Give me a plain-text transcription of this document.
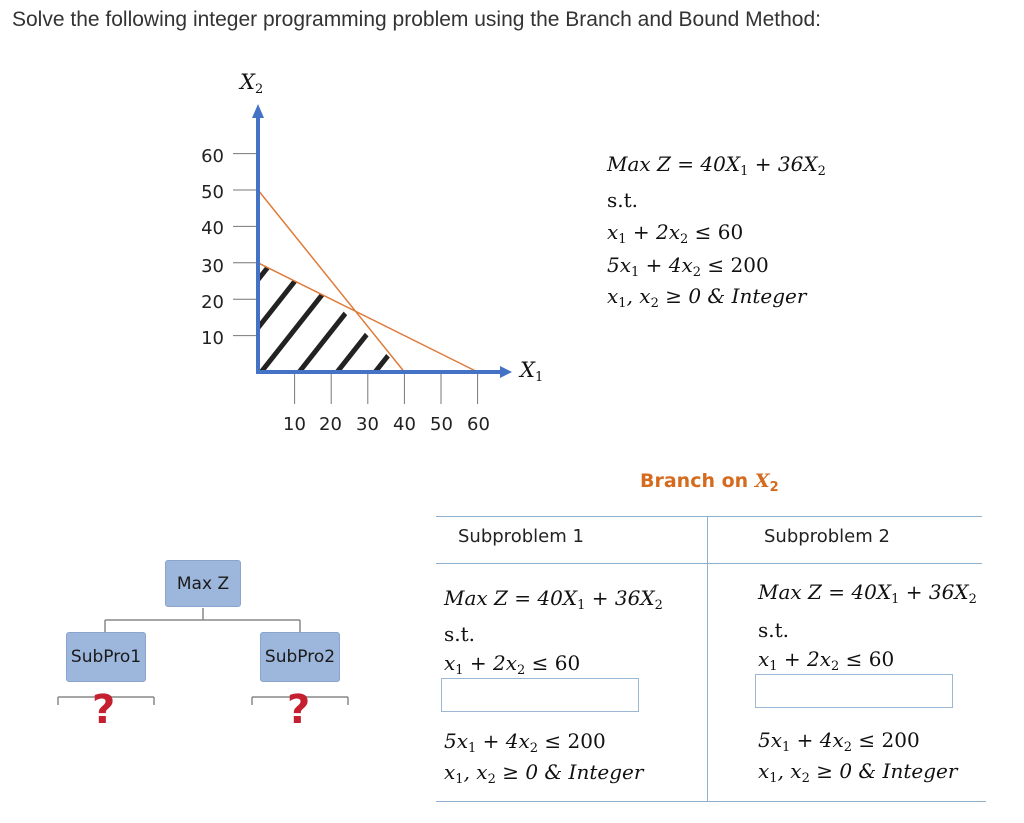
Solve the following integer programming problem using the Branch and Bound Method:
$X_2$
$X_1$
60
50
40
30
20
10
10 20 30 40 50 60
Max $Z = 40X_1 + 36X_2$
s.t.
$x_1 + 2x_2 \le 60$
$5x_1 + 4x_2 \le 200$
$x_1$, $x_2 \ge 0$ & Integer
Branch on $X_2$
Subproblem 1
Max $Z = 40X_1 + 36X_2$
s.t.
$x_1 + 2x_2 \le 60$
$5x_1 + 4x_2 \le 200$
$x_1$, $x_2 \ge 0$ & Integer
Subproblem 2
Max $Z = 40X_1 + 36X_2$
s.t.
$x_1 + 2x_2 \le 60$
$5x_1 + 4x_2 \le 200$
$x_1$, $x_2 \ge 0$ & Integer
Max Z
SubPro1	SubPro2
?	?
